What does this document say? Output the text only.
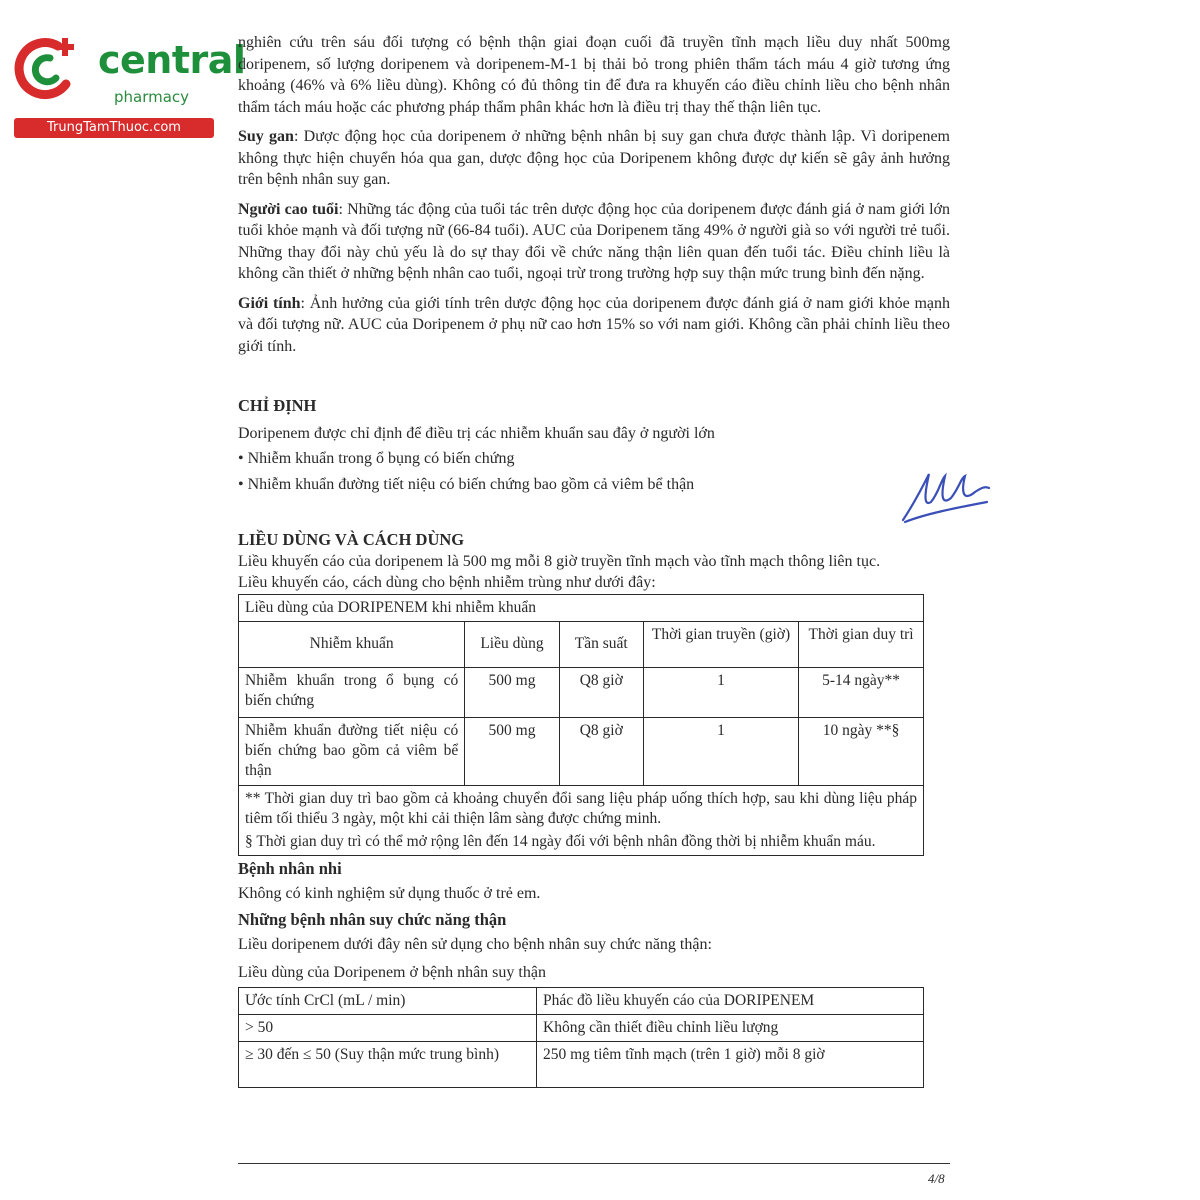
central
pharmacy
TrungTamThuoc.com

nghiên cứu trên sáu đối tượng có bệnh thận giai đoạn cuối đã truyền tĩnh mạch liều duy nhất 500mg doripenem, số lượng doripenem và doripenem-M-1 bị thải bỏ trong phiên thẩm tách máu 4 giờ tương ứng khoảng (46% và 6% liều dùng). Không có đủ thông tin để đưa ra khuyến cáo điều chỉnh liều cho bệnh nhân thẩm tách máu hoặc các phương pháp thẩm phân khác hơn là điều trị thay thế thận liên tục.

Suy gan: Dược động học của doripenem ở những bệnh nhân bị suy gan chưa được thành lập. Vì doripenem không thực hiện chuyển hóa qua gan, dược động học của Doripenem không được dự kiến sẽ gây ảnh hưởng trên bệnh nhân suy gan.

Người cao tuổi: Những tác động của tuổi tác trên dược động học của doripenem được đánh giá ở nam giới lớn tuổi khỏe mạnh và đối tượng nữ (66-84 tuổi). AUC của Doripenem tăng 49% ở người già so với người trẻ tuổi. Những thay đổi này chủ yếu là do sự thay đổi về chức năng thận liên quan đến tuổi tác. Điều chỉnh liều là không cần thiết ở những bệnh nhân cao tuổi, ngoại trừ trong trường hợp suy thận mức trung bình đến nặng.

Giới tính: Ảnh hưởng của giới tính trên dược động học của doripenem được đánh giá ở nam giới khỏe mạnh và đối tượng nữ. AUC của Doripenem ở phụ nữ cao hơn 15% so với nam giới. Không cần phải chỉnh liều theo giới tính.

CHỈ ĐỊNH

Doripenem được chỉ định để điều trị các nhiễm khuẩn sau đây ở người lớn

• Nhiễm khuẩn trong ổ bụng có biến chứng

• Nhiễm khuẩn đường tiết niệu có biến chứng bao gồm cả viêm bể thận

LIỀU DÙNG VÀ CÁCH DÙNG

Liều khuyến cáo của doripenem là 500 mg mỗi 8 giờ truyền tĩnh mạch vào tĩnh mạch thông liên tục.

Liều khuyến cáo, cách dùng cho bệnh nhiễm trùng như dưới đây:

Liều dùng của DORIPENEM khi nhiễm khuẩn				
Nhiễm khuẩn	Liều dùng	Tần suất	Thời gian truyền (giờ)	Thời gian duy trì
Nhiễm khuẩn trong ổ bụng có biến chứng	500 mg	Q8 giờ	1	5-14 ngày**
Nhiễm khuẩn đường tiết niệu có biến chứng bao gồm cả viêm bể thận	500 mg	Q8 giờ	1	10 ngày **§

** Thời gian duy trì bao gồm cả khoảng chuyển đổi sang liệu pháp uống thích hợp, sau khi dùng liệu pháp tiêm tối thiểu 3 ngày, một khi cải thiện lâm sàng được chứng minh.
§ Thời gian duy trì có thể mở rộng lên đến 14 ngày đối với bệnh nhân đồng thời bị nhiễm khuẩn máu.				

Bệnh nhân nhi

Không có kinh nghiệm sử dụng thuốc ở trẻ em.

Những bệnh nhân suy chức năng thận

Liều doripenem dưới đây nên sử dụng cho bệnh nhân suy chức năng thận:

Liều dùng của Doripenem ở bệnh nhân suy thận

Ước tính CrCl (mL / min)	Phác đồ liều khuyến cáo của DORIPENEM
> 50	Không cần thiết điều chỉnh liều lượng
≥ 30 đến ≤ 50 (Suy thận mức trung bình)	250 mg tiêm tĩnh mạch (trên 1 giờ) mỗi 8 giờ
4/8
